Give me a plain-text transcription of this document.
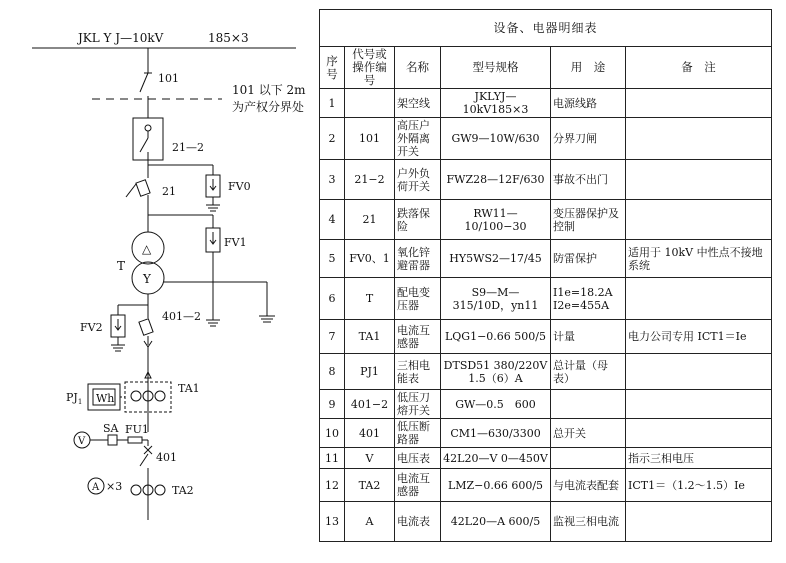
JKL Y J—10kV	185×3
101
101 以下 2m
为产权分界处
21—2
21	FV0
FV1
△
Y
T
FV2
401—2
$PJ_1$ Wh
TA1
SA FU1
V
401
A ×3	TA2
设备、电器明细表					
序号	代号或操作编号	名称	型号规格	用　途	备　注
1		架空线	JKLYJ—10kV185×3	电源线路	
2	101	高压户外隔离开关	GW9—10W/630	分界刀闸	
3	21−2	户外负荷开关	FWZ28—12F/630	事故不出门	
4	21	跌落保险	RW11—10/100−30	变压器保护及控制	
5	FV0、1	氧化锌避雷器	HY5WS2—17/45	防雷保护	适用于 10kV 中性点不接地系统
6	T	配电变压器	S9—M—315/10D，yn11	I1e=18.2A I2e=455A	
7	TA1	电流互感器	LQG1−0.66 500/5	计量	电力公司专用 ICT1＝Ie
8	PJ1	三相电能表	DTSD51 380/220V 1.5（6）A	总计量（母表）	
9	401−2	低压刀熔开关	GW—0.5　600		
10	401	低压断路器	CM1—630/3300	总开关	
11	V	电压表	42L20—V 0—450V		指示三相电压
12	TA2	电流互感器	LMZ−0.66 600/5	与电流表配套	ICT1＝（1.2～1.5）Ie
13	A	电流表	42L20—A 600/5	监视三相电流	
